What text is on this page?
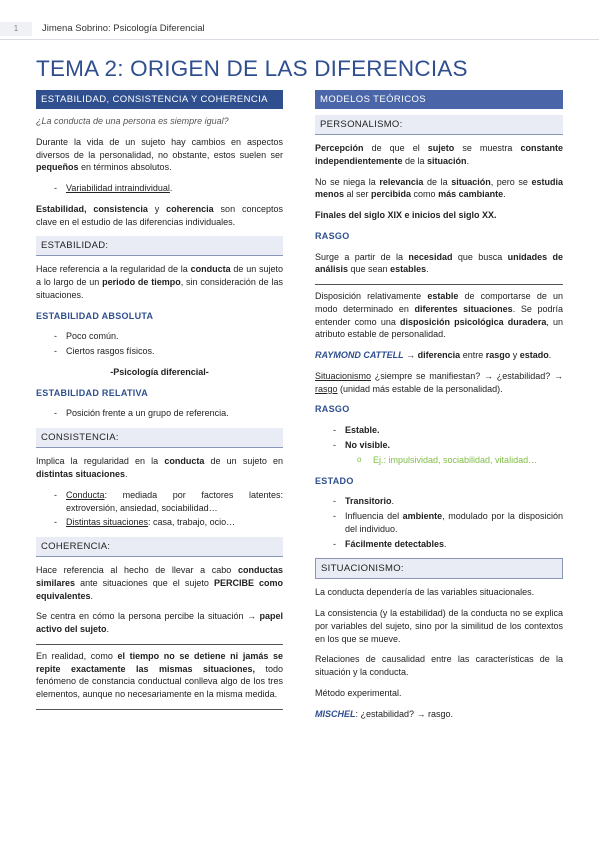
1	Jimena Sobrino: Psicología Diferencial
TEMA 2: ORIGEN DE LAS DIFERENCIAS
ESTABILIDAD, CONSISTENCIA Y COHERENCIA

¿La conducta de una persona es siempre igual?

Durante la vida de un sujeto hay cambios en aspectos diversos de la personalidad, no obstante, estos suelen ser pequeños en términos absolutos.

- Variabilidad intraindividual.

Estabilidad, consistencia y coherencia son conceptos clave en el estudio de las diferencias individuales.

ESTABILIDAD:

Hace referencia a la regularidad de la conducta de un sujeto a lo largo de un periodo de tiempo, sin consideración de las situaciones.

ESTABILIDAD ABSOLUTA
- Poco común.
- Ciertos rasgos físicos.
-Psicología diferencial-
ESTABILIDAD RELATIVA
- Posición frente a un grupo de referencia.
CONSISTENCIA:

Implica la regularidad en la conducta de un sujeto en distintas situaciones.

- Conducta: mediada por factores latentes: extroversión, ansiedad, sociabilidad…
- Distintas situaciones: casa, trabajo, ocio…
COHERENCIA:

Hace referencia al hecho de llevar a cabo conductas similares ante situaciones que el sujeto PERCIBE como equivalentes.

Se centra en cómo la persona percibe la situación → papel activo del sujeto.

En realidad, como el tiempo no se detiene ni jamás se repite exactamente las mismas situaciones, todo fenómeno de constancia conductual conlleva algo de los tres elementos, aunque no necesariamente en la misma medida.

MODELOS TEÓRICOS
PERSONALISMO:

Percepción de que el sujeto se muestra constante independientemente de la situación.

No se niega la relevancia de la situación, pero se estudia menos al ser percibida como más cambiante.

Finales del siglo XIX e inicios del siglo XX.

RASGO

Surge a partir de la necesidad que busca unidades de análisis que sean estables.

Disposición relativamente estable de comportarse de un modo determinado en diferentes situaciones. Se podría entender como una disposición psicológica duradera, un atributo estable de personalidad.

RAYMOND CATTELL → diferencia entre rasgo y estado.

Situacionismo ¿siempre se manifiestan? → ¿estabilidad? → rasgo (unidad más estable de la personalidad).

RASGO
- Estable.
- No visible.
o Ej.: impulsividad, sociabilidad, vitalidad…
ESTADO
- Transitorio.
- Influencia del ambiente, modulado por la disposición del individuo.
- Fácilmente detectables.
SITUACIONISMO:

La conducta dependería de las variables situacionales.

La consistencia (y la estabilidad) de la conducta no se explica por variables del sujeto, sino por la similitud de los contextos en los que se mueve.

Relaciones de causalidad entre las características de la situación y la conducta.

Método experimental.

MISCHEL: ¿estabilidad? → rasgo.
